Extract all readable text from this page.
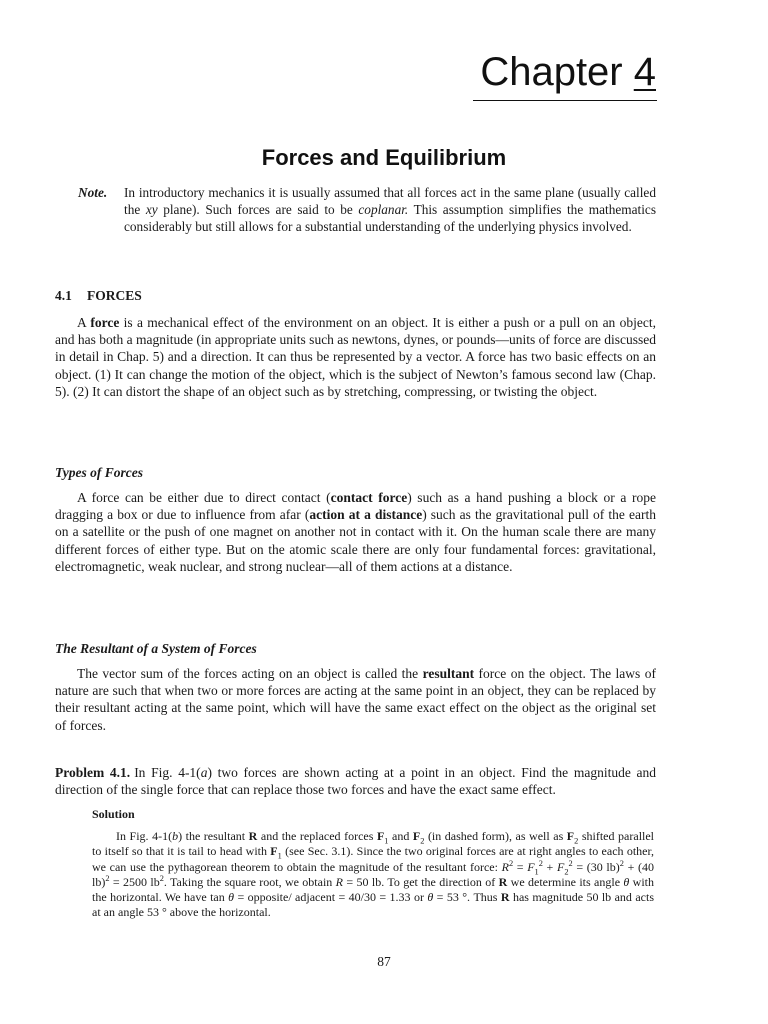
Chapter 4
Forces and Equilibrium
Note. In introductory mechanics it is usually assumed that all forces act in the same plane (usually called the xy plane). Such forces are said to be coplanar. This assumption simplifies the mathematics considerably but still allows for a substantial understanding of the underlying physics involved.
4.1 FORCES
A force is a mechanical effect of the environment on an object. It is either a push or a pull on an object, and has both a magnitude (in appropriate units such as newtons, dynes, or pounds—units of force are discussed in detail in Chap. 5) and a direction. It can thus be represented by a vector. A force has two basic effects on an object. (1) It can change the motion of the object, which is the subject of Newton’s famous second law (Chap. 5). (2) It can distort the shape of an object such as by stretching, compressing, or twisting the object.
Types of Forces
A force can be either due to direct contact (contact force) such as a hand pushing a block or a rope dragging a box or due to influence from afar (action at a distance) such as the gravitational pull of the earth on a satellite or the push of one magnet on another not in contact with it. On the human scale there are many different forces of either type. But on the atomic scale there are only four fundamental forces: gravitational, electromagnetic, weak nuclear, and strong nuclear—all of them actions at a distance.
The Resultant of a System of Forces
The vector sum of the forces acting on an object is called the resultant force on the object. The laws of nature are such that when two or more forces are acting at the same point in an object, they can be replaced by their resultant acting at the same point, which will have the same exact effect on the object as the original set of forces.
Problem 4.1. In Fig. 4-1(a) two forces are shown acting at a point in an object. Find the magnitude and direction of the single force that can replace those two forces and have the exact same effect.
Solution
In Fig. 4-1(b) the resultant R and the replaced forces $F_1$ and $F_2$ (in dashed form), as well as $F_2$ shifted parallel to itself so that it is tail to head with $F_1$ (see Sec. 3.1). Since the two original forces are at right angles to each other, we can use the pythagorean theorem to obtain the magnitude of the resultant force: $R^2 = F_1^2 + F_2^2 = (30$ lb)$^2$ + (40 lb)$^2$ = 2500 $lb^2$. Taking the square root, we obtain R = 50 lb. To get the direction of R we determine its angle θ with the horizontal. We have tan θ = opposite/ adjacent = 40/30 = 1.33 or θ = 53 °. Thus R has magnitude 50 lb and acts at an angle 53 ° above the horizontal.
87
